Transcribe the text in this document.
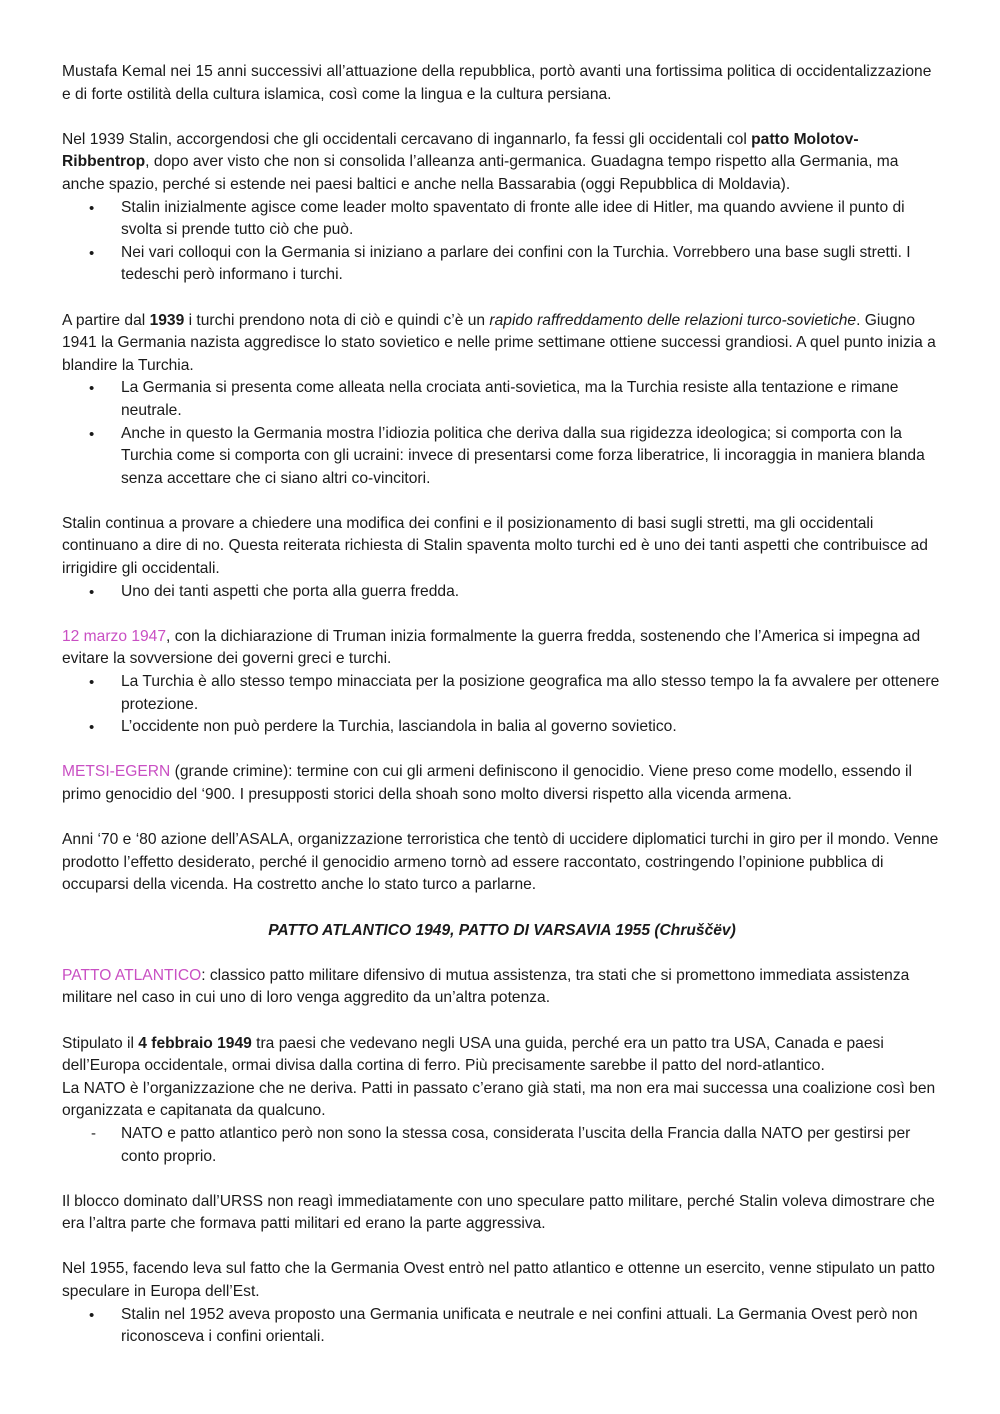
Mustafa Kemal nei 15 anni successivi all’attuazione della repubblica, portò avanti una fortissima politica di occidentalizzazione e di forte ostilità della cultura islamica, così come la lingua e la cultura persiana.

Nel 1939 Stalin, accorgendosi che gli occidentali cercavano di ingannarlo, fa fessi gli occidentali col patto Molotov-Ribbentrop, dopo aver visto che non si consolida l’alleanza anti-germanica. Guadagna tempo rispetto alla Germania, ma anche spazio, perché si estende nei paesi baltici e anche nella Bassarabia (oggi Repubblica di Moldavia).

• Stalin inizialmente agisce come leader molto spaventato di fronte alle idee di Hitler, ma quando avviene il punto di svolta si prende tutto ciò che può.
• Nei vari colloqui con la Germania si iniziano a parlare dei confini con la Turchia. Vorrebbero una base sugli stretti. I tedeschi però informano i turchi.

A partire dal 1939 i turchi prendono nota di ciò e quindi c’è un rapido raffreddamento delle relazioni turco-sovietiche. Giugno 1941 la Germania nazista aggredisce lo stato sovietico e nelle prime settimane ottiene successi grandiosi. A quel punto inizia a blandire la Turchia.

• La Germania si presenta come alleata nella crociata anti-sovietica, ma la Turchia resiste alla tentazione e rimane neutrale.
• Anche in questo la Germania mostra l’idiozia politica che deriva dalla sua rigidezza ideologica; si comporta con la Turchia come si comporta con gli ucraini: invece di presentarsi come forza liberatrice, li incoraggia in maniera blanda senza accettare che ci siano altri co-vincitori.

Stalin continua a provare a chiedere una modifica dei confini e il posizionamento di basi sugli stretti, ma gli occidentali continuano a dire di no. Questa reiterata richiesta di Stalin spaventa molto turchi ed è uno dei tanti aspetti che contribuisce ad irrigidire gli occidentali.

• Uno dei tanti aspetti che porta alla guerra fredda.

12 marzo 1947, con la dichiarazione di Truman inizia formalmente la guerra fredda, sostenendo che l’America si impegna ad evitare la sovversione dei governi greci e turchi.

• La Turchia è allo stesso tempo minacciata per la posizione geografica ma allo stesso tempo la fa avvalere per ottenere protezione.
• L’occidente non può perdere la Turchia, lasciandola in balia al governo sovietico.

METSI-EGERN (grande crimine): termine con cui gli armeni definiscono il genocidio. Viene preso come modello, essendo il primo genocidio del ‘900. I presupposti storici della shoah sono molto diversi rispetto alla vicenda armena.

Anni ‘70 e ‘80 azione dell’ASALA, organizzazione terroristica che tentò di uccidere diplomatici turchi in giro per il mondo. Venne prodotto l’effetto desiderato, perché il genocidio armeno tornò ad essere raccontato, costringendo l’opinione pubblica di occuparsi della vicenda. Ha costretto anche lo stato turco a parlarne.

PATTO ATLANTICO 1949, PATTO DI VARSAVIA 1955 (Chruščëv)

PATTO ATLANTICO: classico patto militare difensivo di mutua assistenza, tra stati che si promettono immediata assistenza militare nel caso in cui uno di loro venga aggredito da un’altra potenza.

Stipulato il 4 febbraio 1949 tra paesi che vedevano negli USA una guida, perché era un patto tra USA, Canada e paesi dell’Europa occidentale, ormai divisa dalla cortina di ferro. Più precisamente sarebbe il patto del nord-atlantico.

La NATO è l’organizzazione che ne deriva. Patti in passato c’erano già stati, ma non era mai successa una coalizione così ben organizzata e capitanata da qualcuno.

- NATO e patto atlantico però non sono la stessa cosa, considerata l’uscita della Francia dalla NATO per gestirsi per conto proprio.

Il blocco dominato dall’URSS non reagì immediatamente con uno speculare patto militare, perché Stalin voleva dimostrare che era l’altra parte che formava patti militari ed erano la parte aggressiva.

Nel 1955, facendo leva sul fatto che la Germania Ovest entrò nel patto atlantico e ottenne un esercito, venne stipulato un patto speculare in Europa dell’Est.

• Stalin nel 1952 aveva proposto una Germania unificata e neutrale e nei confini attuali. La Germania Ovest però non riconosceva i confini orientali.
